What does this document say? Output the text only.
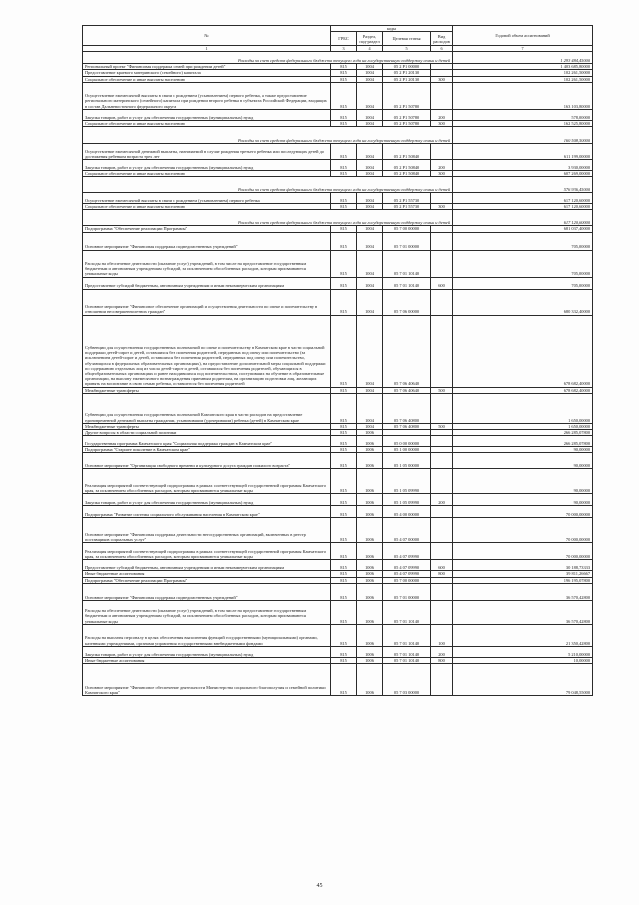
№	коды				Годовой объем ассигнований
	ГРБС	Раздел, под-раздел	Целевая статья	Вид расходов	
1	3	4	5	6	7
Расходы за счет средств федерального бюджета текущего года на государственную поддержку семьи и детей					1 293 484,45000
Региональный проект "Финансовая поддержка семей при рождении детей"	815	1004	05 2 P1 00000		1 403 685,80000
Предоставление краевого материнского (семейного) капитала	815	1004	05 2 P1 20130		102 261,50000
Социальное обеспечение и иные выплаты населению	815	1004	05 2 P1 20130	300	102 261,50000
Осуществление ежемесячной выплаты в связи с рождением (усыновлением) первого ребенка, а также предоставление регионального материнского (семейного) капитала при рождении второго ребенка в субъектах Российской Федерации, входящих в состав Дальневосточного федерального округа	815	1004	05 2 P1 50780		163 103,80000
Закупка товаров, работ и услуг для обеспечения государственных (муниципальных) нужд	815	1004	05 2 P1 50780	200	578,00000
Социальное обеспечение и иные выплаты населению	815	1004	05 2 P1 50780	300	162 525,80000
Расходы за счет средств федерального бюджета текущего года на государственную поддержку семьи и детей					160 508,50000
Осуществление ежемесячной денежной выплаты, назначаемой в случае рождения третьего ребенка или последующих детей до достижения ребенком возраста трех лет	815	1004	05 2 P1 50840		611 199,00000
Закупка товаров, работ и услуг для обеспечения государственных (муниципальных) нужд	815	1004	05 2 P1 50840	200	3 930,00000
Социальное обеспечение и иные выплаты населению	815	1004	05 2 P1 50840	300	607 269,00000
Расходы за счет средств федерального бюджета текущего года на государственную поддержку семьи и детей					576 936,45000
Осуществление ежемесячной выплаты в связи с рождением (усыновлением) первого ребенка	815	1004	05 2 P1 55730		617 120,60000
Социальное обеспечение и иные выплаты населению	815	1004	05 2 P1 55730	300	617 120,60000
Расходы за счет средств федерального бюджета текущего года на государственную поддержку семьи и детей					617 120,60000
Подпрограмма "Обеспечение реализации Программы"	815	1004	05 7 00 00000		681 037,40000
Основное мероприятие "Финансовая поддержка подведомственных учреждений"	815	1004	05 7 01 00000		705,00000
Расходы на обеспечение деятельности (оказание услуг) учреждений, в том числе на предоставление государственным бюджетным и автономным учреждениям субсидий, за исключением обособленных расходов, которым присваиваются уникальные коды	815	1004	05 7 01 10140		705,00000
Предоставление субсидий бюджетным, автономным учреждениям и иным некоммерческим организациям	815	1004	05 7 01 10140	600	705,00000
Основное мероприятие "Финансовое обеспечение организаций и осуществления деятельности по опеке и попечительству в отношении несовершеннолетних граждан"	815	1004	05 7 06 00000		680 332,40000
Субвенции для осуществления государственных полномочий по опеке и попечительству в Камчатском крае в части социальной поддержки детей-сирот и детей, оставшихся без попечения родителей, переданных под опеку или попечительство (за исключением детей-сирот и детей, оставшихся без попечения родителей, переданных под опеку или попечительство, обучающихся в федеральных образовательных организациях), на предоставление дополнительной меры социальной поддержки по содержанию отдельных лиц из числа детей-сирот и детей, оставшихся без попечения родителей, обучающихся в общеобразовательных организациях и ранее находившихся под попечительством, поступивших на обучение в образовательные организации, на выплату ежемесячного вознаграждения приемным родителям, на организацию подготовки лиц, желающих принять на воспитание в свою семью ребенка, оставшегося без попечения родителей	815	1004	05 7 06 40640		678 682,40000
Межбюджетные трансферты	815	1004	05 7 06 40640	500	678 682,40000
Субвенции для осуществления государственных полномочий Камчатского края в части расходов на предоставление единовременной денежной выплаты гражданам, усыновившим (удочерившим) ребенка (детей) в Камчатском крае	815	1004	05 7 06 40800		1 650,00000
Межбюджетные трансферты	815	1004	05 7 06 40800	500	1 650,00000
Другие вопросы в области социальной политики	815	1006			266 285,07800
Государственная программа Камчатского края "Социальная поддержка граждан в Камчатском крае"	815	1006	05 0 00 00000		266 285,07800
Подпрограмма "Старшее поколение в Камчатском крае"	815	1006	05 1 00 00000		90,00000
Основное мероприятие "Организация свободного времени и культурного досуга граждан пожилого возраста"	815	1006	05 1 05 00000		90,00000
Реализация мероприятий соответствующей подпрограммы в рамках соответствующей государственной программы Камчатского края, за исключением обособленных расходов, которым присваиваются уникальные коды	815	1006	05 1 05 09990		90,00000
Закупка товаров, работ и услуг для обеспечения государственных (муниципальных) нужд	815	1006	05 1 05 09990	200	90,00000
Подпрограмма "Развитие системы социального обслуживания населения в Камчатском крае"	815	1006	05 4 00 00000		70 000,00000
Основное мероприятие "Финансовая поддержка деятельности негосударственных организаций, включенных в реестр поставщиков социальных услуг"	815	1006	05 4 07 00000		70 000,00000
Реализация мероприятий соответствующей подпрограммы в рамках соответствующей государственной программы Камчатского края, за исключением обособленных расходов, которым присваиваются уникальные коды	815	1006	05 4 07 09990		70 000,00000
Предоставление субсидий бюджетным, автономным учреждениям и иным некоммерческим организациям	815	1006	05 4 07 09990	600	30 188,73333
Иные бюджетные ассигнования	815	1006	05 4 07 09990	800	39 811,26667
Подпрограмма "Обеспечение реализации Программы"	815	1006	05 7 00 00000		196 195,07800
Основное мероприятие "Финансовая поддержка подведомственных учреждений"	815	1006	05 7 01 00000		36 570,42800
Расходы на обеспечение деятельности (оказание услуг) учреждений, в том числе на предоставление государственным бюджетным и автономным учреждениям субсидий, за исключением обособленных расходов, которым присваиваются уникальные коды	815	1006	05 7 01 10140		36 570,42800
Расходы на выплаты персоналу в целях обеспечения выполнения функций государственными (муниципальными) органами, казенными учреждениями, органами управления государственными внебюджетными фондами	815	1006	05 7 01 10140	100	21 350,42800
Закупка товаров, работ и услуг для обеспечения государственных (муниципальных) нужд	815	1006	05 7 01 10140	200	5 210,00000
Иные бюджетные ассигнования	815	1006	05 7 01 10140	800	10,00000
Основное мероприятие "Финансовое обеспечение деятельности Министерства социального благополучия и семейной политики Камчатского края"	815	1006	05 7 03 00000		79 048,55000
45
